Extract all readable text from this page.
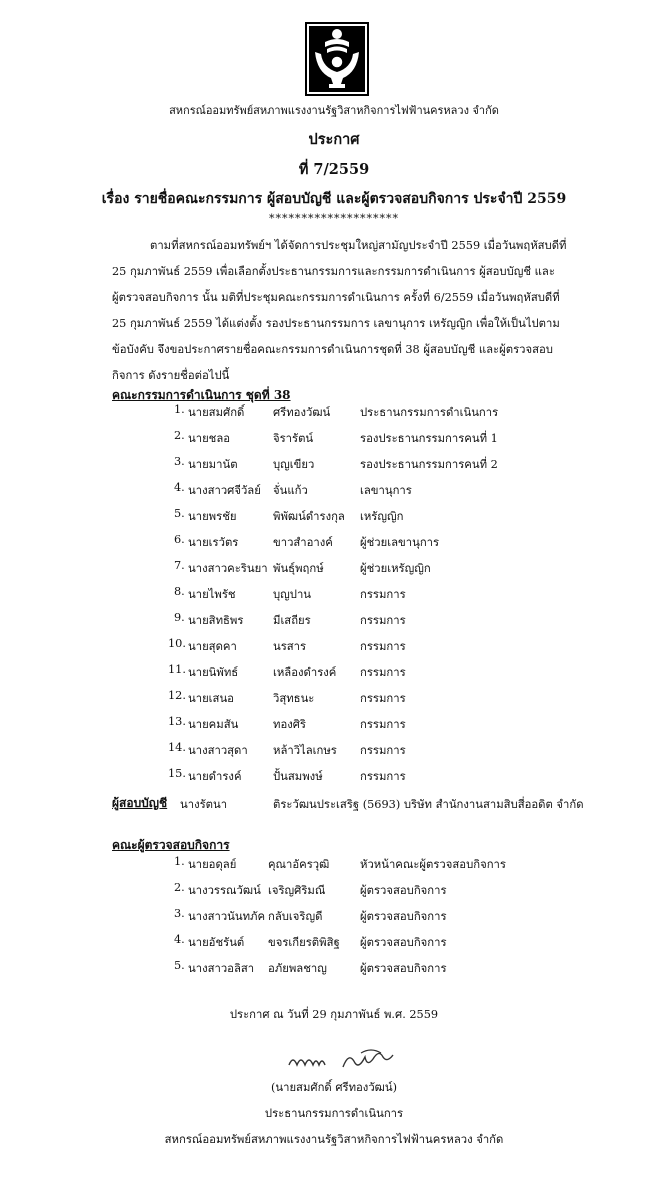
สหกรณ์ออมทรัพย์สหภาพแรงงานรัฐวิสาหกิจการไฟฟ้านครหลวง จำกัด
ประกาศ
ที่ 7/2559
เรื่อง รายชื่อคณะกรรมการ ผู้สอบบัญชี และผู้ตรวจสอบกิจการ ประจำปี 2559
********************
ตามที่สหกรณ์ออมทรัพย์ฯ ได้จัดการประชุมใหญ่สามัญประจำปี 2559 เมื่อวันพฤหัสบดีที่
25 กุมภาพันธ์ 2559 เพื่อเลือกตั้งประธานกรรมการและกรรมการดำเนินการ ผู้สอบบัญชี และ
ผู้ตรวจสอบกิจการ นั้น มติที่ประชุมคณะกรรมการดำเนินการ ครั้งที่ 6/2559 เมื่อวันพฤหัสบดีที่
25 กุมภาพันธ์ 2559 ได้แต่งตั้ง รองประธานกรรมการ เลขานุการ เหรัญญิก เพื่อให้เป็นไปตาม
ข้อบังคับ จึงขอประกาศรายชื่อคณะกรรมการดำเนินการชุดที่ 38 ผู้สอบบัญชี และผู้ตรวจสอบ
กิจการ ดังรายชื่อต่อไปนี้
คณะกรรมการดำเนินการ ชุดที่ 38
1. นายสมศักดิ์	ศรีทองวัฒน์	ประธานกรรมการดำเนินการ
2. นายชลอ	จิรารัตน์	รองประธานกรรมการคนที่ 1
3. นายมานัต	บุญเขียว	รองประธานกรรมการคนที่ 2
4. นางสาวศจีวัลย์ จั่นแก้ว	เลขานุการ
5. นายพรชัย	พิพัฒน์ดำรงกุล เหรัญญิก
6. นายเรวัตร	ขาวสำอางค์ ผู้ช่วยเลขานุการ
7. นางสาวคะรินยา พันธุ์พฤกษ์	ผู้ช่วยเหรัญญิก
8. นายไพรัช	บุญปาน	กรรมการ
9. นายสิทธิพร	มีเสถียร	กรรมการ
10. นายสุดคา	นรสาร	กรรมการ
11. นายนิพัทธ์	เหลืองดำรงค์ กรรมการ
12. นายเสนอ	วิสุทธนะ	กรรมการ
13. นายคมสัน	ทองศิริ	กรรมการ
14. นางสาวสุดา หล้าวิไลเกษร กรรมการ
15. นายดำรงค์	ปั้นสมพงษ์	กรรมการ
ผู้สอบบัญชี นางรัตนา	ติระวัฒนประเสริฐ (5693) บริษัท สำนักงานสามสิบสี่ออดิต จำกัด
คณะผู้ตรวจสอบกิจการ
1. นายอดุลย์	คุณาอัครวุฒิ	หัวหน้าคณะผู้ตรวจสอบกิจการ
2. นางวรรณวัฒน์ เจริญศิริมณี	ผู้ตรวจสอบกิจการ
3. นางสาวนันทภัค กลับเจริญดี	ผู้ตรวจสอบกิจการ
4. นายอัชรันต์ ขจรเกียรติพิสิฐ ผู้ตรวจสอบกิจการ
5. นางสาวอลิสา อภัยพลชาญ	ผู้ตรวจสอบกิจการ
ประกาศ ณ วันที่ 29 กุมภาพันธ์ พ.ศ. 2559
(นายสมศักดิ์ ศรีทองวัฒน์)
ประธานกรรมการดำเนินการ
สหกรณ์ออมทรัพย์สหภาพแรงงานรัฐวิสาหกิจการไฟฟ้านครหลวง จำกัด
